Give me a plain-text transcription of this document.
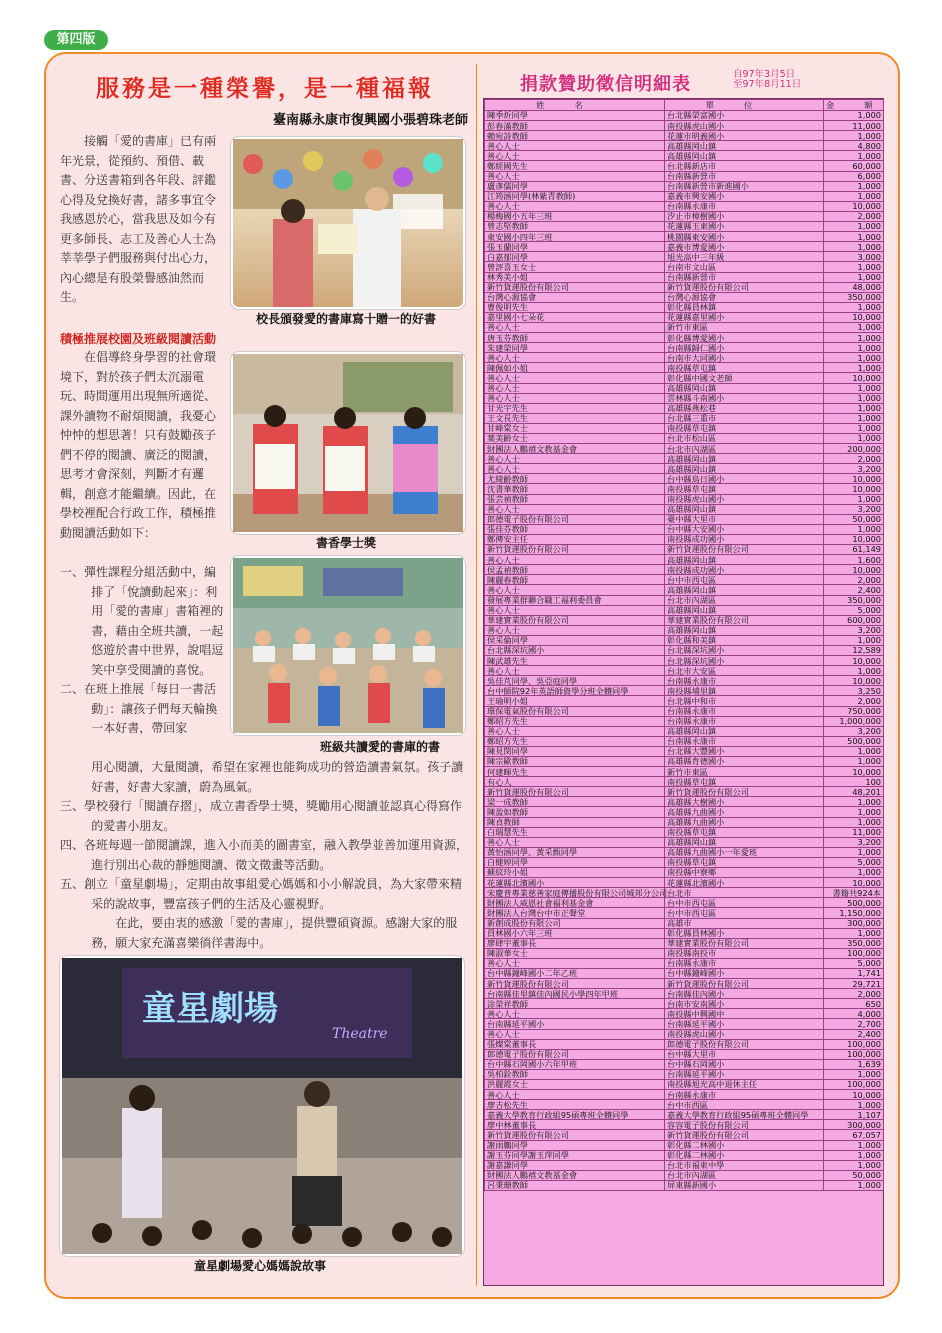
第四版
服務是一種榮譽，是一種福報
臺南縣永康市復興國小張碧珠老師

接觸「愛的書庫」已有兩年光景，從預約、預借、載書、分送書箱到各年段、評鑑心得及兌換好書，諸多事宜令我感恩於心，當我思及如今有更多師長、志工及善心人士為莘莘學子們服務與付出心力，內心總是有股榮譽感油然而生。

校長頒發愛的書庫寫十贈一的好書
積極推展校園及班級閱讀活動

在倡導終身學習的社會環境下，對於孩子們太沉溺電玩、時間運用出現無所適從、課外讀物不耐煩閱讀，我憂心忡忡的想思著！只有鼓勵孩子們不停的閱讀、廣泛的閱讀，思考才會深刻，判斷才有邏輯，創意才能繼續。因此，在學校裡配合行政工作，積極推動閱讀活動如下：

書香學士獎
班級共讀愛的書庫的書

一、彈性課程分組活動中，編排了「悅讀動起來」：利用「愛的書庫」書箱裡的書，藉由全班共讀，一起悠遊於書中世界，說唱逗笑中享受閱讀的喜悅。

二、在班上推展「每日一書活動」：讓孩子們每天輪換一本好書，帶回家

用心閱讀，大量閱讀，希望在家裡也能夠成功的營造讀書氣氛。孩子讀好書，好書大家讀，蔚為風氣。

三、學校發行「閱讀存摺」，成立書香學士獎，獎勵用心閱讀並認真心得寫作的愛書小朋友。

四、各班每週一節閱讀課，進入小而美的圖書室，融入教學並善加運用資源，進行別出心裁的靜態閱讀、徵文徵畫等活動。

五、創立「童星劇場」，定期由故事組愛心媽媽和小小解說員，為大家帶來精采的說故事，豐富孩子們的生活及心靈視野。

在此，要由衷的感激「愛的書庫」，提供豐碩資源。感謝大家的服務，願大家充滿喜樂徜徉書海中。

童星劇場
Theatre
童星劇場愛心媽媽說故事
捐款贊助徵信明細表	自97年3月5日
至97年8月11日
姓名	單位	金額
陳季炘同學	台北縣榮富國小	1,000
彭春滿教師	南投縣虎山國小	11,000
賴宛詩教師	花蓮市明義國小	1,000
善心人士	高雄縣岡山鎮	4,800
善心人士	高雄縣岡山鎮	1,000
鄭經國先生	台北縣新店市	60,000
善心人士	台南縣新營市	6,000
盧彥儒同學	台南縣新營市新進國小	1,000
江筠涵同學(林紫青教師)	嘉義市興安國小	1,000
善心人士	台南縣永康市	10,000
楊梅國小五年三班	汐止市樟樹國小	2,000
曾志堅教師	花蓮縣玉東國小	1,000
東安國小四年三班	桃園縣東安國小	1,000
張玉蘭同學	嘉義市博愛國小	1,000
白嘉郁同學	旭光高中三年級	3,000
曾評喜玉女士	台南市文山區	1,000
林秀美小姐	台南縣新營市	1,000
新竹貨運股份有限公司	新竹貨運股份有限公司	48,000
台灣心源協會	台灣心源協會	350,000
曹俊明先生	彰化縣員林鎮	1,000
嘉里國小七朵花	花蓮縣嘉里國小	10,000
善心人士	新竹市東區	1,000
唐玉芬教師	彰化縣博愛國小	1,000
朱建榮同學	台南縣歸仁國小	1,000
善心人士	台南市大同國小	1,000
陳佩如小姐	南投縣草屯鎮	1,000
善心人士	彰化縣中國文老師	10,000
善心人士	高雄縣岡山鎮	1,000
善心人士	雲林縣斗南國小	1,000
甘光宇先生	高雄縣燕松巷	1,000
王文長先生	台北縣三重市	1,000
甘峰棠女士	南投縣草屯鎮	1,000
葉美齡女士	台北市松山區	1,000
財團法人鵬禧文教基金會	台北市內湖區	200,000
善心人士	高雄縣岡山鎮	2,000
善心人士	高雄縣岡山鎮	3,200
尤綺齡教師	台中縣鳥日國小	10,000
沈書華教師	南投縣草屯鎮	10,000
張芸禎教師	南投縣虎山國小	1,000
善心人士	高雄縣岡山鎮	3,200
郎德電子股份有限公司	臺中縣大里市	50,000
張佳芬教師	台中縣大安國小	1,000
鄭傳安主任	南投縣成功國小	10,000
新竹貨運股份有限公司	新竹貨運股份有限公司	61,149
善心人士	高雄縣岡山鎮	1,600
侯孟禎教師	南投縣成功國小	10,000
陳麗春教師	台中市西屯區	2,000
善心人士	高雄縣岡山鎮	2,400
發展專業群聯合職工福利委員會	台北市內湖區	350,000
善心人士	高雄縣岡山鎮	5,000
華建實業股份有限公司	華建實業股份有限公司	600,000
善心人士	高雄縣岡山鎮	3,200
侯采倫同學	彰化縣和美鎮	1,000
台北縣深坑國小	台北縣深坑國小	12,589
陳武雄先生	台北縣深坑國小	10,000
善心人士	台北市大安區	1,000
吳佳芃同學、吳亞庭同學	台南縣永康市	10,000
台中師院92年英語師資學分班全體同學	南投縣埔里鎮	3,250
王瑜明小姐	台北縣中和市	2,000
環保電氣股份有限公司	台南縣永康市	750,000
鄭昭方先生	台南縣永康市	1,000,000
善心人士	高雄縣岡山鎮	3,200
鄭昭方先生	台南縣永康市	500,000
陳見閔同學	台北縣大豐國小	1,000
陳宗歐教師	高雄縣育德國小	1,000
何建暉先生	新竹市東區	10,000
有心人	南投縣草屯鎮	100
新竹貨運股份有限公司	新竹貨運股份有限公司	48,201
梁一成教師	高雄縣大樹國小	1,000
陳盈如教師	高雄縣九曲國小	1,000
陳貞教師	高雄縣九曲國小	1,000
白瑞慧先生	南投縣草屯鎮	11,000
善心人士	高雄縣岡山鎮	3,200
黃怡涵同學、黃采甄同學	高雄縣九曲國小一年愛班	1,000
白健婷同學	南投縣草屯鎮	5,000
蘇紋玲小姐	南投縣中寮鄉	1,000
花蓮縣北濱國小	花蓮縣北濱國小	10,000
宋慶普專業慈善家庭傳播股份有限公司城邦分公司	台北市	書籍共924本
財團法人威恩社會福利基金會	台中市西屯區	500,000
財團法人台灣台中市正聲堂	台中市西屯區	1,150,000
新創成股份有限公司	高雄市	300,000
員林國小六年三班	彰化縣員林國小	1,000
廖肆宇董事長	華建實業股份有限公司	350,000
陳淑華女士	南投縣南投市	100,000
善心人士	台南縣永康市	5,000
台中縣鐘峰國小二年乙班	台中縣鐘峰國小	1,741
新竹貨運股份有限公司	新竹貨運股份有限公司	29,721
台南縣佳里鎮佳內國民小學四年甲班	台南縣佳內國小	2,000
涂榮祥教師	台南市安南國小	650
善心人士	南投縣中興國中	4,000
台南縣延平國小	台南縣延平國小	2,700
善心人士	南投縣虎山國小	2,400
張燦棠董事長	郎德電子股份有限公司	100,000
郎德電子股份有限公司	台中縣大里市	100,000
台中縣石岡國小六年甲班	台中縣石岡國小	1,639
吳柏銓教師	台南縣延平國小	1,000
洪麗霞女士	南投縣旭光高中退休主任	100,000
善心人士	台南縣永康市	10,000
廖吉松先生	台中市西區	1,000
嘉義大學教育行政組95碩專班全體同學	嘉義大學教育行政組95碩專班全體同學	1,107
廖中林董事長	容容電子股份有限公司	300,000
新竹貨運股份有限公司	新竹貨運股份有限公司	67,057
謝雨鵬同學	彰化縣二林國小	1,000
謝玉芬同學謝玉萍同學	彰化縣二林國小	1,000
謝嘉謙同學	台北市福東中學	1,000
財團法人鵬禧文教基金會	台北市內湖區	50,000
呂秉珊教師	屏東縣新國小	1,000
